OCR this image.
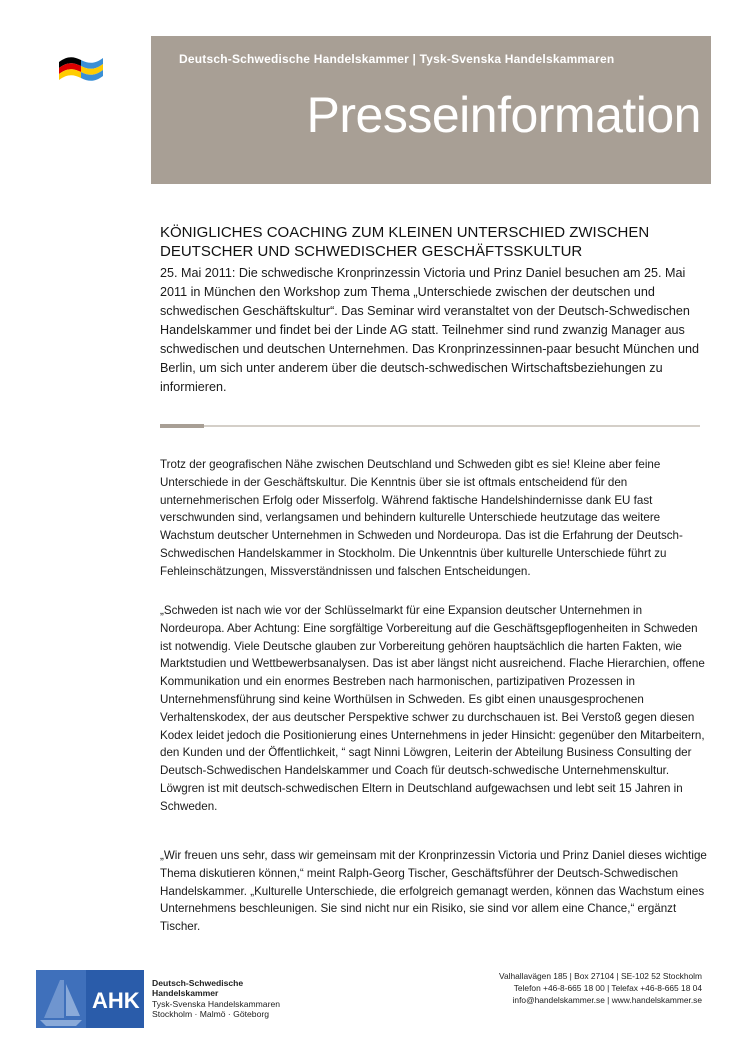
Deutsch-Schwedische Handelskammer | Tysk-Svenska Handelskammaren
Presseinformation
KÖNIGLICHES COACHING ZUM KLEINEN UNTERSCHIED ZWISCHEN
DEUTSCHER UND SCHWEDISCHER GESCHÄFTSSKULTUR

25. Mai 2011: Die schwedische Kronprinzessin Victoria und Prinz Daniel besuchen am 25. Mai 2011 in München den Workshop zum Thema „Unterschiede zwischen der deutschen und schwedischen Geschäftskultur“. Das Seminar wird veranstaltet von der Deutsch-Schwedischen Handelskammer und findet bei der Linde AG statt. Teilnehmer sind rund zwanzig Manager aus schwedischen und deutschen Unternehmen. Das Kronprinzessinnen-paar besucht München und Berlin, um sich unter anderem über die deutsch-schwedischen Wirtschaftsbeziehungen zu informieren.

Trotz der geografischen Nähe zwischen Deutschland und Schweden gibt es sie! Kleine aber feine Unterschiede in der Geschäftskultur. Die Kenntnis über sie ist oftmals entscheidend für den unternehmerischen Erfolg oder Misserfolg. Während faktische Handelshindernisse dank EU fast verschwunden sind, verlangsamen und behindern kulturelle Unterschiede heutzutage das weitere Wachstum deutscher Unternehmen in Schweden und Nordeuropa. Das ist die Erfahrung der Deutsch-Schwedischen Handelskammer in Stockholm. Die Unkenntnis über kulturelle Unterschiede führt zu Fehleinschätzungen, Missverständnissen und falschen Entscheidungen.

„Schweden ist nach wie vor der Schlüsselmarkt für eine Expansion deutscher Unternehmen in Nordeuropa. Aber Achtung: Eine sorgfältige Vorbereitung auf die Geschäftsgepflogenheiten in Schweden ist notwendig. Viele Deutsche glauben zur Vorbereitung gehören hauptsächlich die harten Fakten, wie Marktstudien und Wettbewerbsanalysen. Das ist aber längst nicht ausreichend. Flache Hierarchien, offene Kommunikation und ein enormes Bestreben nach harmonischen, partizipativen Prozessen in Unternehmensführung sind keine Worthülsen in Schweden. Es gibt einen unausgesprochenen Verhaltenskodex, der aus deutscher Perspektive schwer zu durchschauen ist. Bei Verstoß gegen diesen Kodex leidet jedoch die Positionierung eines Unternehmens in jeder Hinsicht: gegenüber den Mitarbeitern, den Kunden und der Öffentlichkeit, “ sagt Ninni Löwgren, Leiterin der Abteilung Business Consulting der Deutsch-Schwedischen Handelskammer und Coach für deutsch-schwedische Unternehmenskultur. Löwgren ist mit deutsch-schwedischen Eltern in Deutschland aufgewachsen und lebt seit 15 Jahren in Schweden.

„Wir freuen uns sehr, dass wir gemeinsam mit der Kronprinzessin Victoria und Prinz Daniel dieses wichtige Thema diskutieren können,“ meint Ralph-Georg Tischer, Geschäftsführer der Deutsch-Schwedischen Handelskammer. „Kulturelle Unterschiede, die erfolgreich gemanagt werden, können das Wachstum eines Unternehmens beschleunigen. Sie sind nicht nur ein Risiko, sie sind vor allem eine Chance,“ ergänzt Tischer.

AHK
Deutsch-Schwedische
Handelskammer
Tysk-Svenska Handelskammaren
Stockholm · Malmö · Göteborg
Valhallavägen 185 | Box 27104 | SE-102 52 Stockholm
Telefon +46-8-665 18 00 | Telefax +46-8-665 18 04
info@handelskammer.se | www.handelskammer.se
